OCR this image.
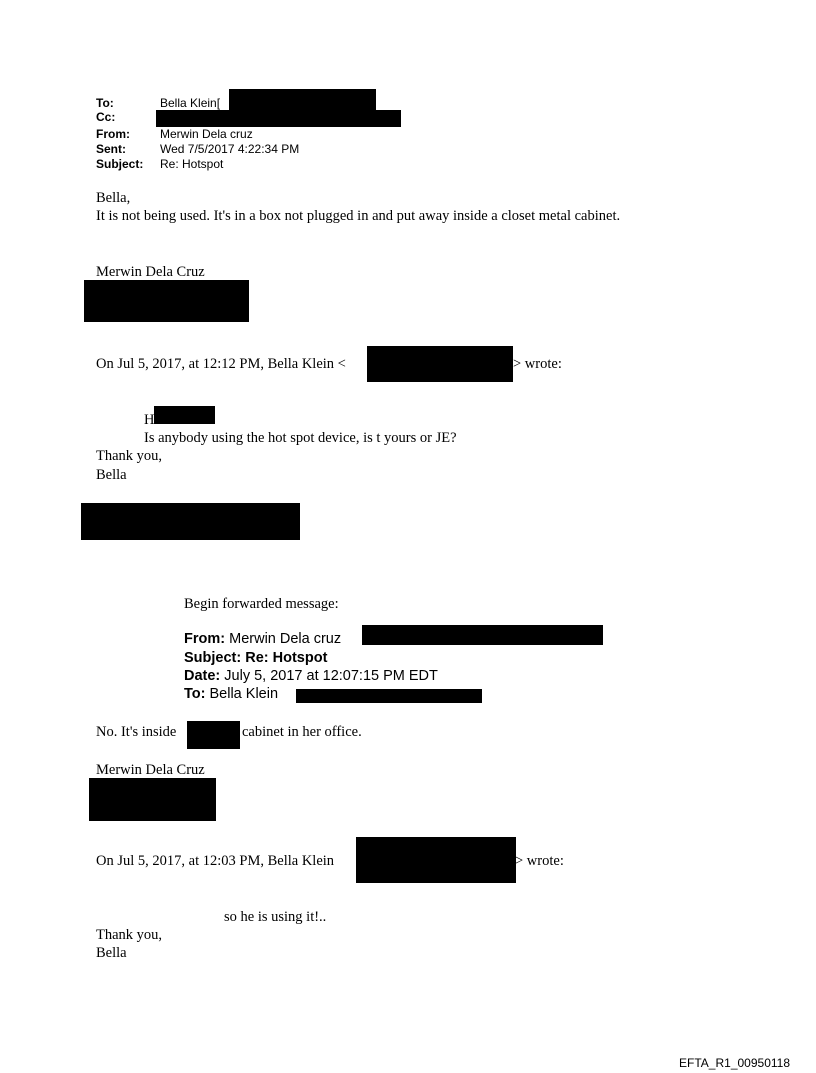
To:	Bella Klein[
Cc:
From:	Merwin Dela cruz
Sent:	Wed 7/5/2017 4:22:34 PM
Subject: Re: Hotspot
Bella,
It is not being used. It's in a box not plugged in and put away inside a closet metal cabinet.
Merwin Dela Cruz
On Jul 5, 2017, at 12:12 PM, Bella Klein <	> wrote:
H
Is anybody using the hot spot device, is t yours or JE?
Thank you,
Bella
Begin forwarded message:
From: Merwin Dela cruz
Subject: Re: Hotspot
Date: July 5, 2017 at 12:07:15 PM EDT
To: Bella Klein
No. It's inside	cabinet in her office.
Merwin Dela Cruz
On Jul 5, 2017, at 12:03 PM, Bella Klein	> wrote:
so he is using it!..
Thank you,
Bella
EFTA_R1_00950118
